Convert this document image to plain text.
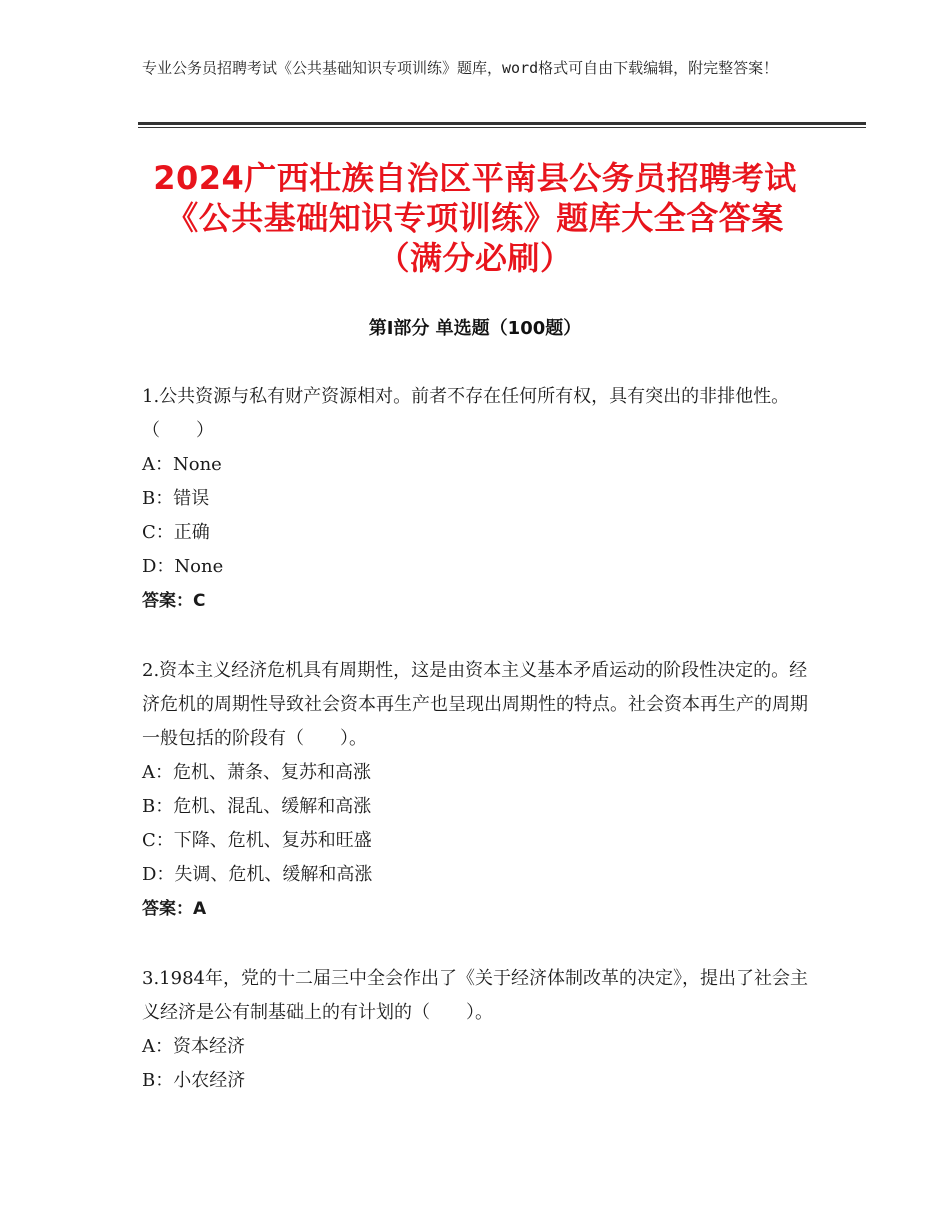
专业公务员招聘考试《公共基础知识专项训练》题库，word格式可自由下载编辑，附完整答案！
2024广西壮族自治区平南县公务员招聘考试
《公共基础知识专项训练》题库大全含答案
（满分必刷）
第Ⅰ部分 单选题（100题）
1.公共资源与私有财产资源相对。前者不存在任何所有权，具有突出的非排他性。（　　）
A：None
B：错误
C：正确
D：None
答案：C
2.资本主义经济危机具有周期性，这是由资本主义基本矛盾运动的阶段性决定的。经济危机的周期性导致社会资本再生产也呈现出周期性的特点。社会资本再生产的周期一般包括的阶段有（　　）。
A：危机、萧条、复苏和高涨
B：危机、混乱、缓解和高涨
C：下降、危机、复苏和旺盛
D：失调、危机、缓解和高涨
答案：A
3.1984年，党的十二届三中全会作出了《关于经济体制改革的决定》，提出了社会主义经济是公有制基础上的有计划的（　　）。
A：资本经济
B：小农经济
